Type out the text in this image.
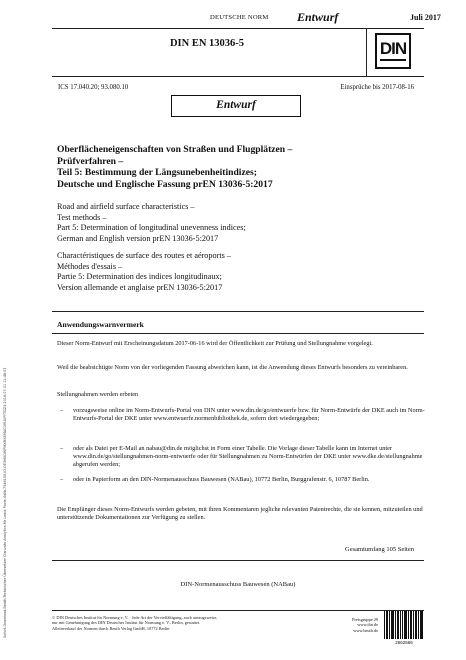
Sofort-Download-Beuth-Technischer Übersetzer Clarivate Analytics Mr Lewis Poole-KdNr.7546155-ID.OE3MXDWPMXMXEMACURUVPFTGZ3-2018-07-01 11:48:03
DEUTSCHE NORM Entwurf	Juli 2017
DIN EN 13036-5	DIN
ICS 17.040.20; 93.080.10	Einsprüche bis 2017-08-16
Entwurf
Oberflächeneigenschaften von Straßen und Flugplätzen –
Prüfverfahren –
Teil 5: Bestimmung der Längsunebenheitindizes;
Deutsche und Englische Fassung prEN 13036-5:2017
Road and airfield surface characteristics –
Test methods –
Part 5: Determination of longitudinal unevenness indices;
German and English version prEN 13036-5:2017
Charactéristiques de surface des routes et aéroports –
Méthodes d'essais –
Partie 5: Determination des indices longitudinaux;
Version allemande et anglaise prEN 13036-5:2017
Anwendungswarnvermerk
Dieser Norm-Entwurf mit Erscheinungsdatum 2017-06-16 wird der Öffentlichkeit zur Prüfung und Stellungnahme vorgelegt.
Weil die beabsichtigte Norm von der vorliegenden Fassung abweichen kann, ist die Anwendung dieses Entwurfs besonders zu vereinbaren.
Stellungnahmen werden erbeten
– vorzugsweise online im Norm-Entwurfs-Portal von DIN unter www.din.de/go/entwuerfe bzw. für Norm-Entwürfe der DKE auch im Norm-Entwurfs-Portal der DKE unter www.entwuerfe.normenbibliothek.de, sofern dort wiedergegeben;
– oder als Datei per E-Mail an nabau@din.de möglichst in Form einer Tabelle. Die Vorlage dieser Tabelle kann im Internet unter www.din.de/go/stellungnahmen-norm-entwuerfe oder für Stellungnahmen zu Norm-Entwürfen der DKE unter www.dke.de/stellungnahme abgerufen werden;
– oder in Papierform an den DIN-Normenausschuss Bauwesen (NABau), 10772 Berlin, Burggrafenstr. 6, 10787 Berlin.
Die Empfänger dieses Norm-Entwurfs werden gebeten, mit ihren Kommentaren jegliche relevanten Patentrechte, die sie kennen, mitzuteilen und unterstützende Dokumentationen zur Verfügung zu stellen.
Gesamtumfang 105 Seiten
DIN-Normenausschuss Bauwesen (NABau)
© DIN Deutsches Institut für Normung e. V. · Jede Art der Vervielfältigung, auch auszugsweise,
nur mit Genehmigung des DIN Deutsches Institut für Normung e. V., Berlin, gestattet.
Alleinverkauf der Normen durch Beuth Verlag GmbH, 10772 Berlin
Preisgruppe 29
www.din.de
www.beuth.de
2662566
